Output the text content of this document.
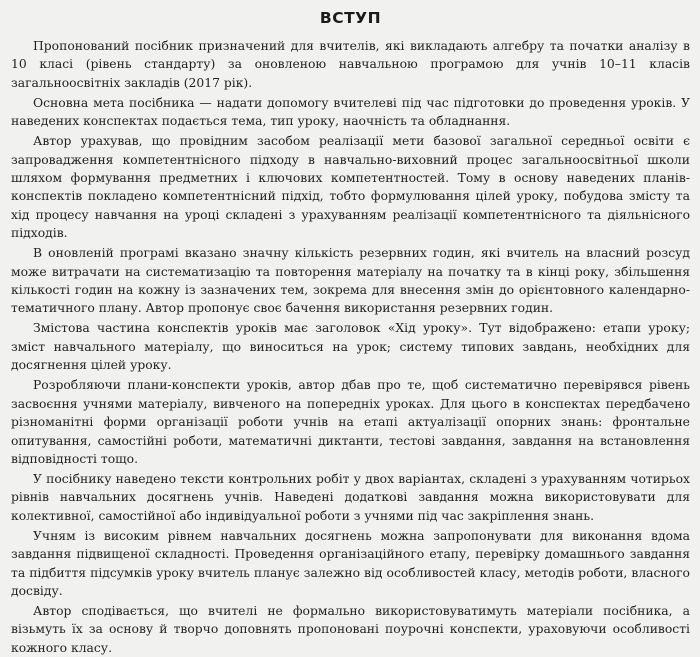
ВСТУП

Пропонований посібник призначений для вчителів, які викладають алгебру та початки аналізу в 10 класі (рівень стандарту) за оновленою навчальною програмою для учнів 10–11 класів загальноосвітніх закладів (2017 рік).

Основна мета посібника — надати допомогу вчителеві під час підготовки до проведення уроків. У наведених конспектах подається тема, тип уроку, наочність та обладнання.

Автор урахував, що провідним засобом реалізації мети базової загальної середньої освіти є запровадження компетентнісного підходу в навчально-виховний процес загальноосвітньої школи шляхом формування предметних і ключових компетентностей. Тому в основу наведених планів-конспектів покладено компетентнісний підхід, тобто формулювання цілей уроку, побудова змісту та хід процесу навчання на уроці складені з урахуванням реалізації компетентнісного та діяльнісного підходів.

В оновленій програмі вказано значну кількість резервних годин, які вчитель на власний розсуд може витрачати на систематизацію та повторення матеріалу на початку та в кінці року, збільшення кількості годин на кожну із зазначених тем, зокрема для внесення змін до орієнтовного календарно-тематичного плану. Автор пропонує своє бачення використання резервних годин.

Змістова частина конспектів уроків має заголовок «Хід уроку». Тут відображено: етапи уроку; зміст навчального матеріалу, що виноситься на урок; систему типових завдань, необхідних для досягнення цілей уроку.

Розробляючи плани-конспекти уроків, автор дбав про те, щоб систематично перевірявся рівень засвоєння учнями матеріалу, вивченого на попередніх уроках. Для цього в конспектах передбачено різноманітні форми організації роботи учнів на етапі актуалізації опорних знань: фронтальне опитування, самостійні роботи, математичні диктанти, тестові завдання, завдання на встановлення відповідності тощо.

У посібнику наведено тексти контрольних робіт у двох варіантах, складені з урахуванням чотирьох рівнів навчальних досягнень учнів. Наведені додаткові завдання можна використовувати для колективної, самостійної або індивідуальної роботи з учнями під час закріплення знань.

Учням із високим рівнем навчальних досягнень можна запропонувати для виконання вдома завдання підвищеної складності. Проведення організаційного етапу, перевірку домашнього завдання та підбиття підсумків уроку вчитель планує залежно від особливостей класу, методів роботи, власного досвіду.

Автор сподівається, що вчителі не формально використовуватимуть матеріали посібника, а візьмуть їх за основу й творчо доповнять пропоновані поурочні конспекти, ураховуючи особливості кожного класу.
